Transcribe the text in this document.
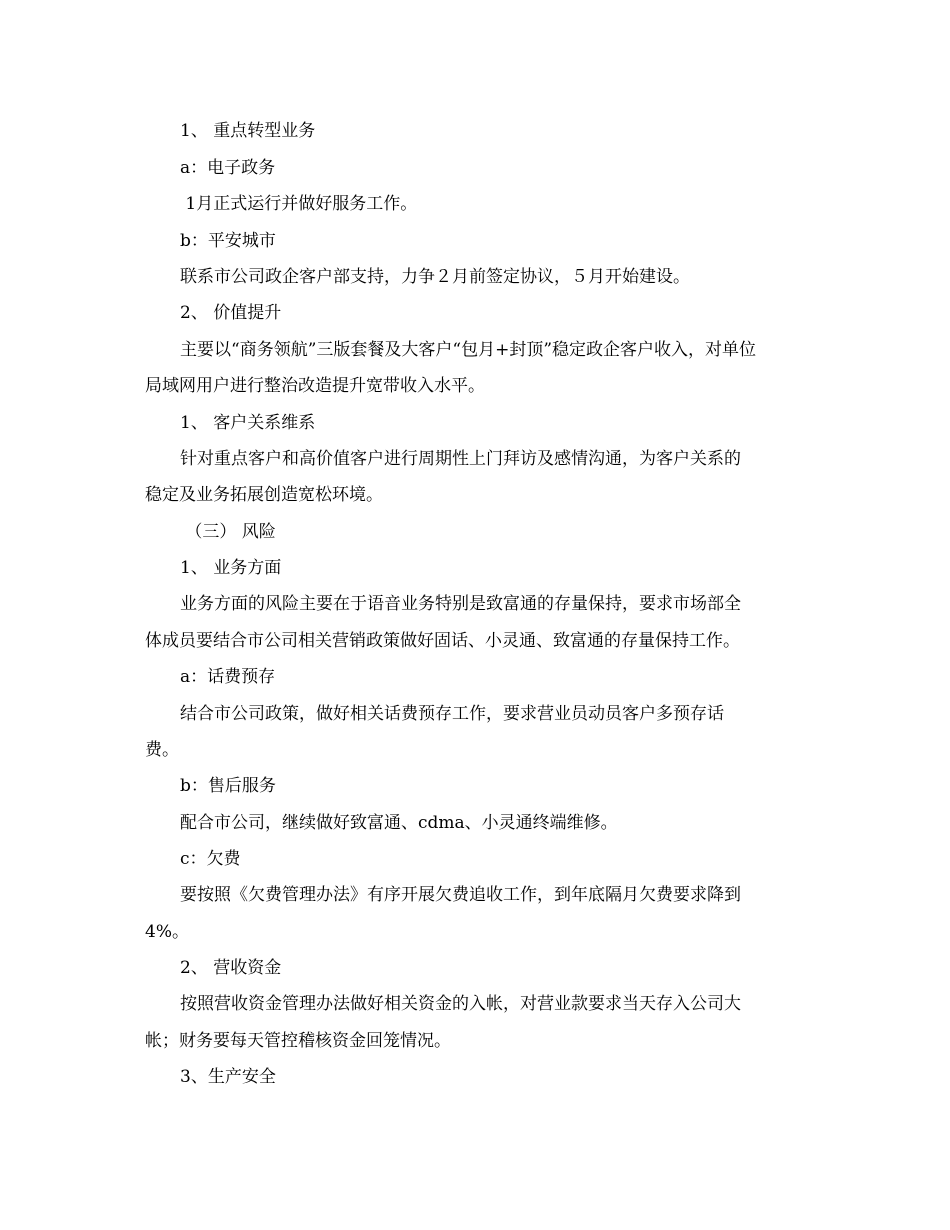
1、 重点转型业务
a：电子政务
1月正式运行并做好服务工作。
b：平安城市
联系市公司政企客户部支持，力争２月前签定协议，５月开始建设。
2、 价值提升
主要以“商务领航”三版套餐及大客户“包月+封顶”稳定政企客户收入，对单位
局域网用户进行整治改造提升宽带收入水平。
1、 客户关系维系
针对重点客户和高价值客户进行周期性上门拜访及感情沟通，为客户关系的
稳定及业务拓展创造宽松环境。
（三） 风险
1、 业务方面
业务方面的风险主要在于语音业务特别是致富通的存量保持，要求市场部全
体成员要结合市公司相关营销政策做好固话、小灵通、致富通的存量保持工作。
a：话费预存
结合市公司政策，做好相关话费预存工作，要求营业员动员客户多预存话
费。
b：售后服务
配合市公司，继续做好致富通、cdma、小灵通终端维修。
c：欠费
要按照《欠费管理办法》有序开展欠费追收工作，到年底隔月欠费要求降到
4%。
2、 营收资金
按照营收资金管理办法做好相关资金的入帐，对营业款要求当天存入公司大
帐；财务要每天管控稽核资金回笼情况。
3、生产安全
